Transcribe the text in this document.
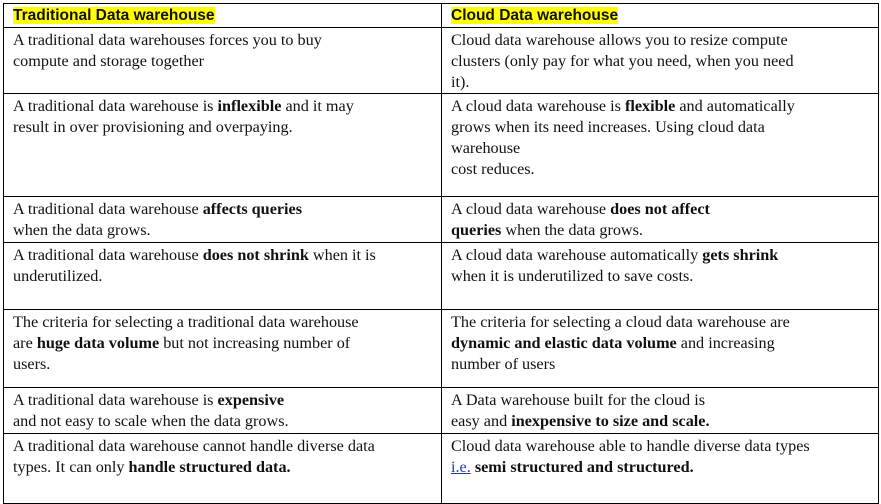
Traditional Data warehouse	Cloud Data warehouse

A traditional data warehouses forces you to buy
compute and storage together	Cloud data warehouse allows you to resize compute
clusters (only pay for what you need, when you need
it).

A traditional data warehouse is inflexible and it may
result in over provisioning and overpaying.	A cloud data warehouse is flexible and automatically
grows when its need increases. Using cloud data
warehouse
cost reduces.

A traditional data warehouse affects queries
when the data grows.	A cloud data warehouse does not affect
queries when the data grows.

A traditional data warehouse does not shrink when it is
underutilized.	A cloud data warehouse automatically gets shrink
when it is underutilized to save costs.

The criteria for selecting a traditional data warehouse
are huge data volume but not increasing number of
users.	The criteria for selecting a cloud data warehouse are
dynamic and elastic data volume and increasing
number of users

A traditional data warehouse is expensive
and not easy to scale when the data grows.	A Data warehouse built for the cloud is
easy and inexpensive to size and scale.

A traditional data warehouse cannot handle diverse data
types. It can only handle structured data.	Cloud data warehouse able to handle diverse data types
i.e. semi structured and structured.
